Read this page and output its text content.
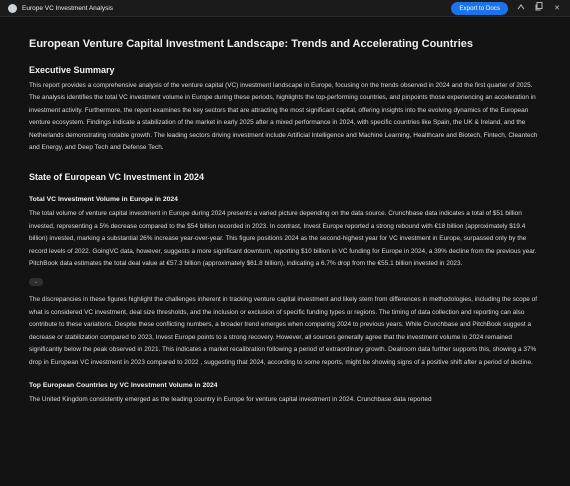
Europe VC Investment Analysis	Export to Docs	✕
European Venture Capital Investment Landscape: Trends and Accelerating Countries
Executive Summary

This report provides a comprehensive analysis of the venture capital (VC) investment landscape in Europe, focusing on the trends observed in 2024 and the first quarter of 2025. The analysis identifies the total VC investment volume in Europe during these periods, highlights the top-performing countries, and pinpoints those experiencing an acceleration in investment activity. Furthermore, the report examines the key sectors that are attracting the most significant capital, offering insights into the evolving dynamics of the European venture ecosystem. Findings indicate a stabilization of the market in early 2025 after a mixed performance in 2024, with specific countries like Spain, the UK & Ireland, and the Netherlands demonstrating notable growth. The leading sectors driving investment include Artificial Intelligence and Machine Learning, Healthcare and Biotech, Fintech, Cleantech and Energy, and Deep Tech and Defense Tech.

State of European VC Investment in 2024
Total VC Investment Volume in Europe in 2024

The total volume of venture capital investment in Europe during 2024 presents a varied picture depending on the data source. Crunchbase data indicates a total of $51 billion invested, representing a 5% decrease compared to the $54 billion recorded in 2023. In contrast, Invest Europe reported a strong rebound with €18 billion (approximately $19.4 billion) invested, marking a substantial 26% increase year-over-year. This figure positions 2024 as the second-highest year for VC investment in Europe, surpassed only by the record levels of 2022. GoingVC data, however, suggests a more significant downturn, reporting $10 billion in VC funding for Europe in 2024, a 39% decline from the previous year. PitchBook data estimates the total deal value at €57.3 billion (approximately $61.8 billion), indicating a 6.7% drop from the €55.1 billion invested in 2023.

⌄

The discrepancies in these figures highlight the challenges inherent in tracking venture capital investment and likely stem from differences in methodologies, including the scope of what is considered VC investment, deal size thresholds, and the inclusion or exclusion of specific funding types or regions. The timing of data collection and reporting can also contribute to these variations. Despite these conflicting numbers, a broader trend emerges when comparing 2024 to previous years. While Crunchbase and PitchBook suggest a decrease or stabilization compared to 2023, Invest Europe points to a strong recovery. However, all sources generally agree that the investment volume in 2024 remained significantly below the peak observed in 2021. This indicates a market recalibration following a period of extraordinary growth. Dealroom data further supports this, showing a 37% drop in European VC investment in 2023 compared to 2022 , suggesting that 2024, according to some reports, might be showing signs of a positive shift after a period of decline.

Top European Countries by VC Investment Volume in 2024

The United Kingdom consistently emerged as the leading country in Europe for venture capital investment in 2024. Crunchbase data reported
